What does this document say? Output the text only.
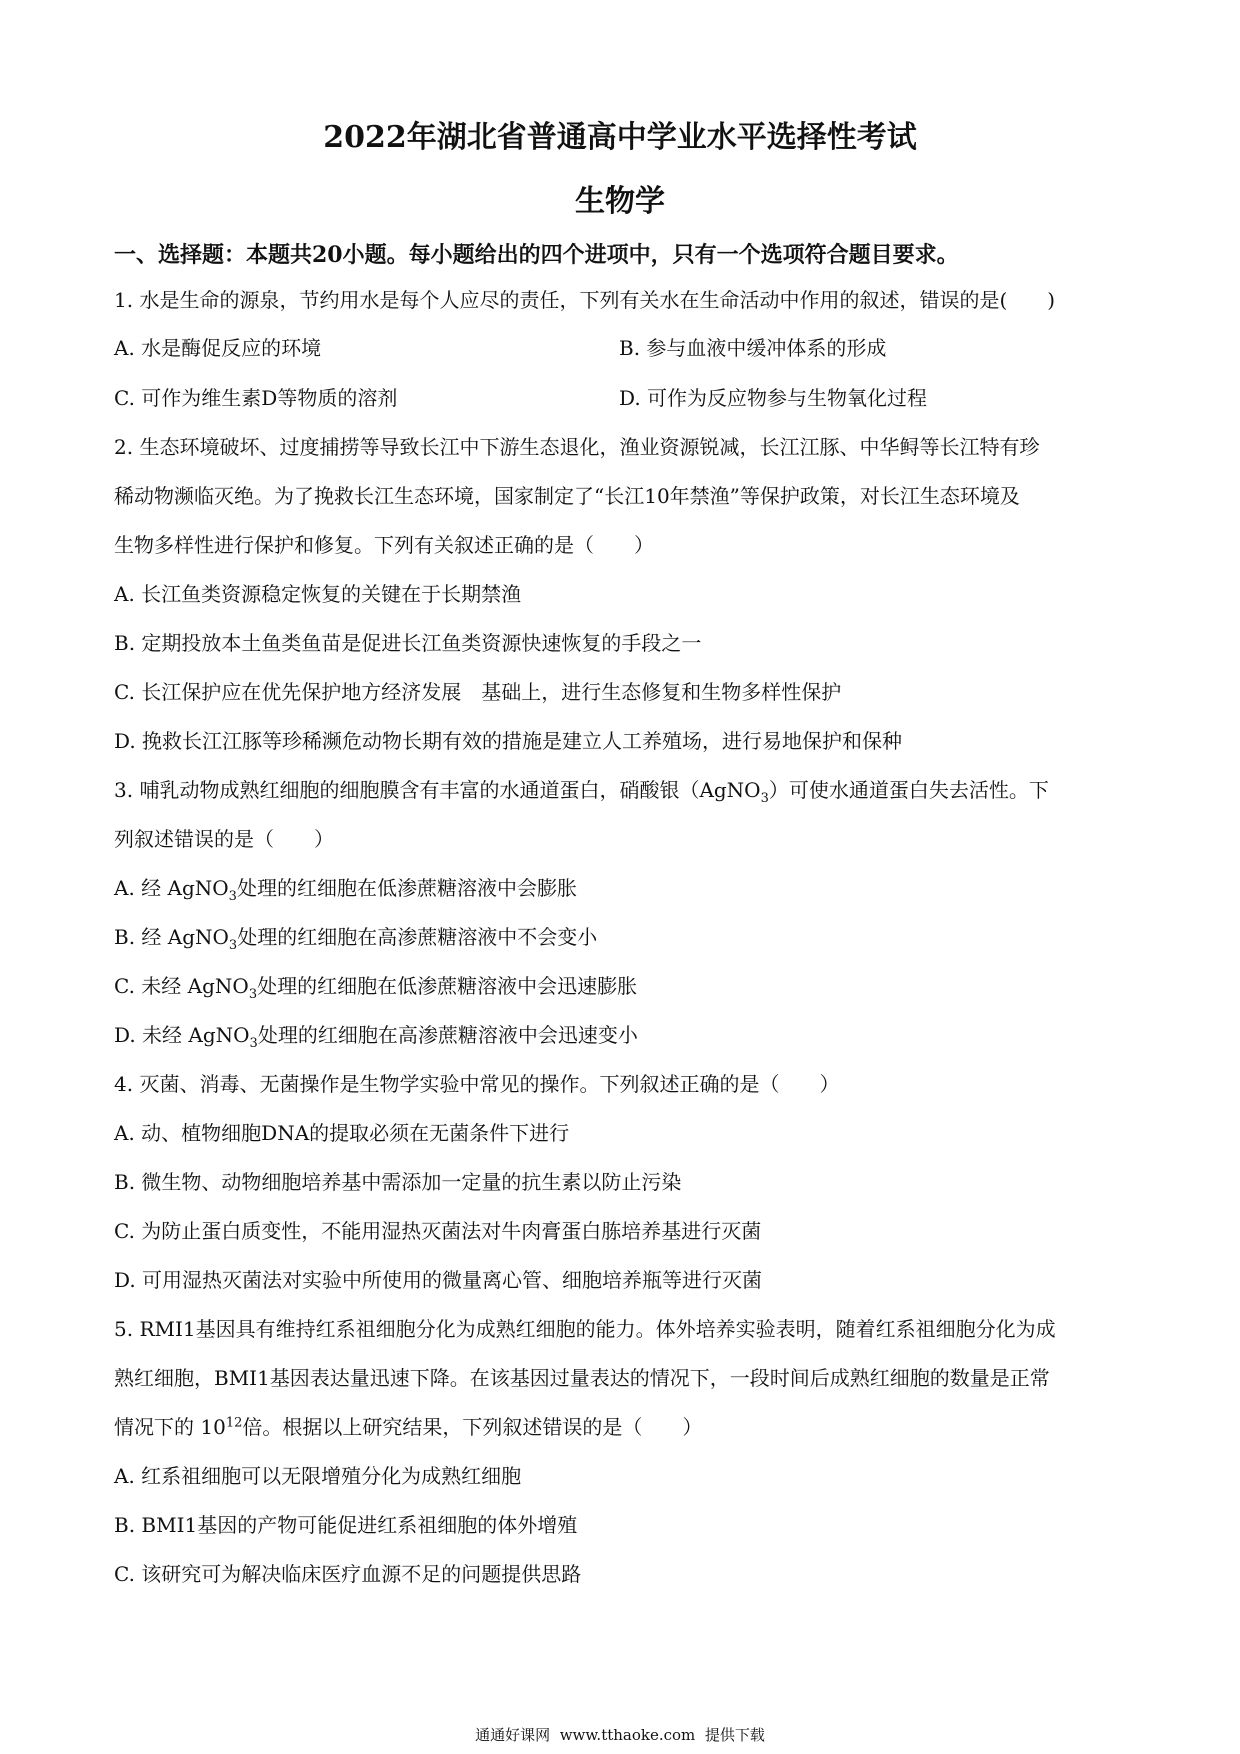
2022年湖北省普通高中学业水平选择性考试
生物学
一、选择题：本题共20小题。每小题给出的四个进项中，只有一个选项符合题目要求。
1. 水是生命的源泉，节约用水是每个人应尽的责任，下列有关水在生命活动中作用的叙述，错误的是(　　)
A. 水是酶促反应的环境	B. 参与血液中缓冲体系的形成
C. 可作为维生素D等物质的溶剂	D. 可作为反应物参与生物氧化过程
2. 生态环境破坏、过度捕捞等导致长江中下游生态退化，渔业资源锐减，长江江豚、中华鲟等长江特有珍
稀动物濒临灭绝。为了挽救长江生态环境，国家制定了“长江10年禁渔”等保护政策，对长江生态环境及
生物多样性进行保护和修复。下列有关叙述正确的是（　　）
A. 长江鱼类资源稳定恢复的关键在于长期禁渔
B. 定期投放本土鱼类鱼苗是促进长江鱼类资源快速恢复的手段之一
C. 长江保护应在优先保护地方经济发展　基础上，进行生态修复和生物多样性保护
D. 挽救长江江豚等珍稀濒危动物长期有效的措施是建立人工养殖场，进行易地保护和保种
3. 哺乳动物成熟红细胞的细胞膜含有丰富的水通道蛋白，硝酸银（AgNO$_3$）可使水通道蛋白失去活性。下
列叙述错误的是（　　）
A. 经 AgNO$_3$处理的红细胞在低渗蔗糖溶液中会膨胀
B. 经 AgNO$_3$处理的红细胞在高渗蔗糖溶液中不会变小
C. 未经 AgNO$_3$处理的红细胞在低渗蔗糖溶液中会迅速膨胀
D. 未经 AgNO$_3$处理的红细胞在高渗蔗糖溶液中会迅速变小
4. 灭菌、消毒、无菌操作是生物学实验中常见的操作。下列叙述正确的是（　　）
A. 动、植物细胞DNA的提取必须在无菌条件下进行
B. 微生物、动物细胞培养基中需添加一定量的抗生素以防止污染
C. 为防止蛋白质变性，不能用湿热灭菌法对牛肉膏蛋白胨培养基进行灭菌
D. 可用湿热灭菌法对实验中所使用的微量离心管、细胞培养瓶等进行灭菌
5. RMI1基因具有维持红系祖细胞分化为成熟红细胞的能力。体外培养实验表明，随着红系祖细胞分化为成
熟红细胞，BMI1基因表达量迅速下降。在该基因过量表达的情况下，一段时间后成熟红细胞的数量是正常
情况下的 $10^{12}$倍。根据以上研究结果，下列叙述错误的是（　　）
A. 红系祖细胞可以无限增殖分化为成熟红细胞
B. BMI1基因的产物可能促进红系祖细胞的体外增殖
C. 该研究可为解决临床医疗血源不足的问题提供思路
通通好课网  www.tthaoke.com  提供下载
